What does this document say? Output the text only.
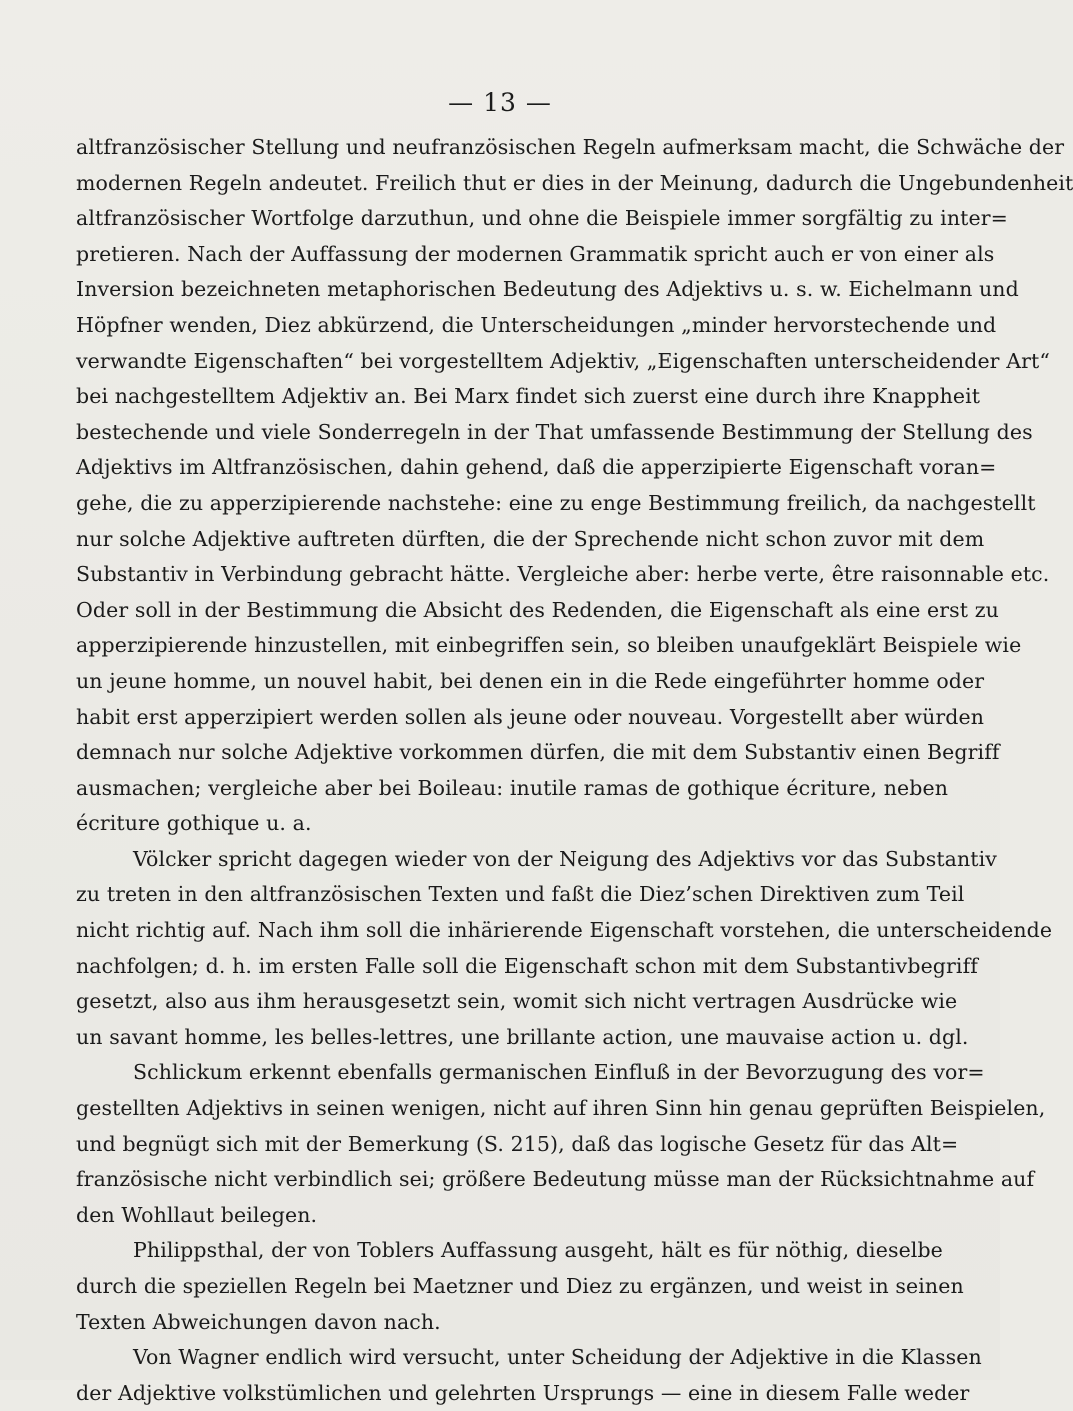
— 13 —
altfranzösischer Stellung und neufranzösischen Regeln aufmerksam macht, die Schwäche der
modernen Regeln andeutet. Freilich thut er dies in der Meinung, dadurch die Ungebundenheit
altfranzösischer Wortfolge darzuthun, und ohne die Beispiele immer sorgfältig zu inter=
pretieren. Nach der Auffassung der modernen Grammatik spricht auch er von einer als
Inversion bezeichneten metaphorischen Bedeutung des Adjektivs u. s. w. Eichelmann und
Höpfner wenden, Diez abkürzend, die Unterscheidungen „minder hervorstechende und
verwandte Eigenschaften“ bei vorgestelltem Adjektiv, „Eigenschaften unterscheidender Art“
bei nachgestelltem Adjektiv an. Bei Marx findet sich zuerst eine durch ihre Knappheit
bestechende und viele Sonderregeln in der That umfassende Bestimmung der Stellung des
Adjektivs im Altfranzösischen, dahin gehend, daß die apperzipierte Eigenschaft voran=
gehe, die zu apperzipierende nachstehe: eine zu enge Bestimmung freilich, da nachgestellt
nur solche Adjektive auftreten dürften, die der Sprechende nicht schon zuvor mit dem
Substantiv in Verbindung gebracht hätte. Vergleiche aber: herbe verte, être raisonnable etc.
Oder soll in der Bestimmung die Absicht des Redenden, die Eigenschaft als eine erst zu
apperzipierende hinzustellen, mit einbegriffen sein, so bleiben unaufgeklärt Beispiele wie
un jeune homme, un nouvel habit, bei denen ein in die Rede eingeführter homme oder
habit erst apperzipiert werden sollen als jeune oder nouveau. Vorgestellt aber würden
demnach nur solche Adjektive vorkommen dürfen, die mit dem Substantiv einen Begriff
ausmachen; vergleiche aber bei Boileau: inutile ramas de gothique écriture, neben
écriture gothique u. a.
Völcker spricht dagegen wieder von der Neigung des Adjektivs vor das Substantiv
zu treten in den altfranzösischen Texten und faßt die Diez’schen Direktiven zum Teil
nicht richtig auf. Nach ihm soll die inhärierende Eigenschaft vorstehen, die unterscheidende
nachfolgen; d. h. im ersten Falle soll die Eigenschaft schon mit dem Substantivbegriff
gesetzt, also aus ihm herausgesetzt sein, womit sich nicht vertragen Ausdrücke wie
un savant homme, les belles-lettres, une brillante action, une mauvaise action u. dgl.
Schlickum erkennt ebenfalls germanischen Einfluß in der Bevorzugung des vor=
gestellten Adjektivs in seinen wenigen, nicht auf ihren Sinn hin genau geprüften Beispielen,
und begnügt sich mit der Bemerkung (S. 215), daß das logische Gesetz für das Alt=
französische nicht verbindlich sei; größere Bedeutung müsse man der Rücksichtnahme auf
den Wohllaut beilegen.
Philippsthal, der von Toblers Auffassung ausgeht, hält es für nöthig, dieselbe
durch die speziellen Regeln bei Maetzner und Diez zu ergänzen, und weist in seinen
Texten Abweichungen davon nach.
Von Wagner endlich wird versucht, unter Scheidung der Adjektive in die Klassen
der Adjektive volkstümlichen und gelehrten Ursprungs — eine in diesem Falle weder
